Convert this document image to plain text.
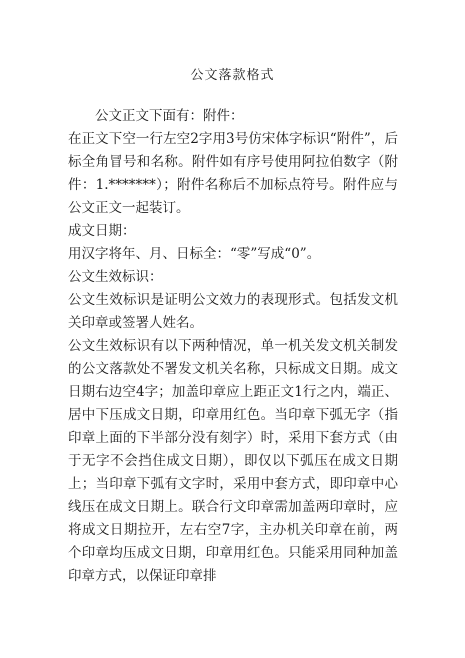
公文落款格式

公文正文下面有：附件：

在正文下空一行左空2字用3号仿宋体字标识“附件”，后标全角冒号和名称。附件如有序号使用阿拉伯数字（附件：1.*******）；附件名称后不加标点符号。附件应与公文正文一起装订。

成文日期：

用汉字将年、月、日标全：“零”写成“0”。

公文生效标识：

公文生效标识是证明公文效力的表现形式。包括发文机关印章或签署人姓名。

公文生效标识有以下两种情况，单一机关发文机关制发的公文落款处不署发文机关名称，只标成文日期。成文日期右边空4字；加盖印章应上距正文1行之内，端正、居中下压成文日期，印章用红色。当印章下弧无字（指印章上面的下半部分没有刻字）时，采用下套方式（由于无字不会挡住成文日期），即仅以下弧压在成文日期上；当印章下弧有文字时，采用中套方式，即印章中心线压在成文日期上。联合行文印章需加盖两印章时，应将成文日期拉开，左右空7字，主办机关印章在前，两个印章均压成文日期，印章用红色。只能采用同种加盖印章方式，以保证印章排
